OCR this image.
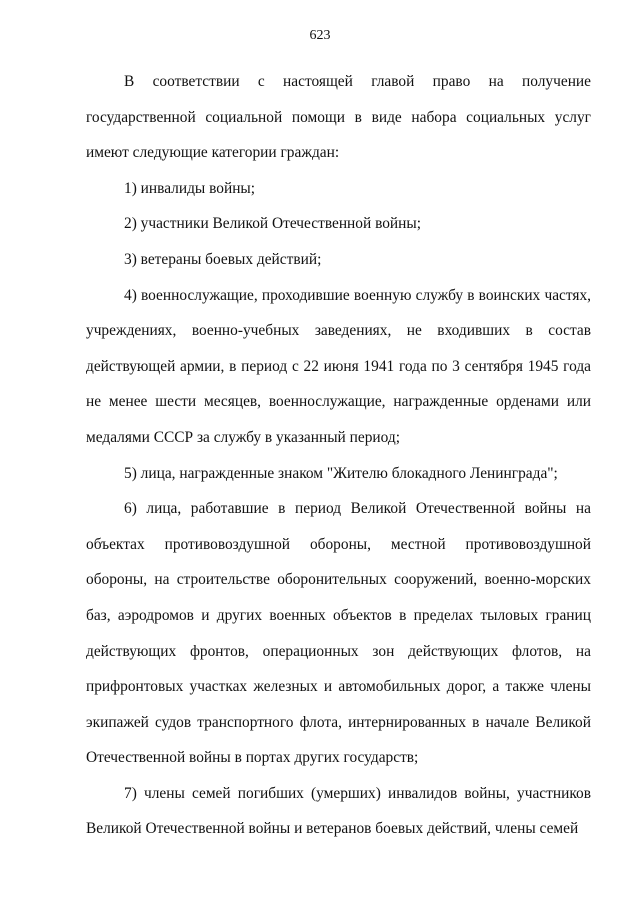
623

В соответствии с настоящей главой право на получение государственной социальной помощи в виде набора социальных услуг имеют следующие категории граждан:

1) инвалиды войны;

2) участники Великой Отечественной войны;

3) ветераны боевых действий;

4) военнослужащие, проходившие военную службу в воинских частях, учреждениях, военно-учебных заведениях, не входивших в состав действующей армии, в период с 22 июня 1941 года по 3 сентября 1945 года не менее шести месяцев, военнослужащие, награжденные орденами или медалями СССР за службу в указанный период;

5) лица, награжденные знаком "Жителю блокадного Ленинграда";

6) лица, работавшие в период Великой Отечественной войны на объектах противовоздушной обороны, местной противовоздушной обороны, на строительстве оборонительных сооружений, военно-морских баз, аэродромов и других военных объектов в пределах тыловых границ действующих фронтов, операционных зон действующих флотов, на прифронтовых участках железных и автомобильных дорог, а также члены экипажей судов транспортного флота, интернированных в начале Великой Отечественной войны в портах других государств;

7) члены семей погибших (умерших) инвалидов войны, участников Великой Отечественной войны и ветеранов боевых действий, члены семей
